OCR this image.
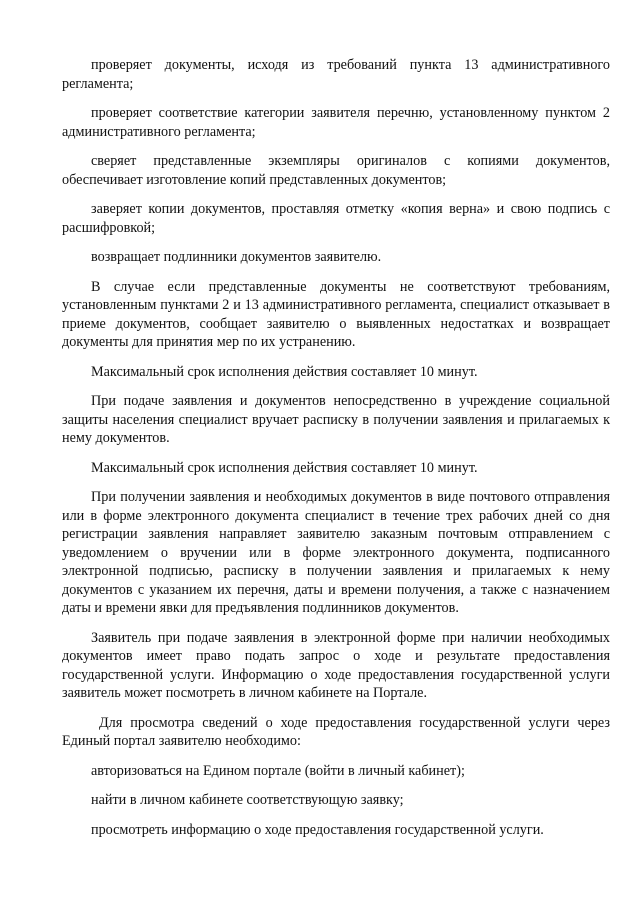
проверяет документы, исходя из требований пункта 13 административного регламента;

проверяет соответствие категории заявителя перечню, установленному пунктом 2 административного регламента;

сверяет представленные экземпляры оригиналов с копиями документов, обеспечивает изготовление копий представленных документов;

заверяет копии документов, проставляя отметку «копия верна» и свою подпись с расшифровкой;

возвращает подлинники документов заявителю.

В случае если представленные документы не соответствуют требованиям, установленным пунктами 2 и 13 административного регламента, специалист отказывает в приеме документов, сообщает заявителю о выявленных недостатках и возвращает документы для принятия мер по их устранению.

Максимальный срок исполнения действия составляет 10 минут.

При подаче заявления и документов непосредственно в учреждение социальной защиты населения специалист вручает расписку в получении заявления и прилагаемых к нему документов.

Максимальный срок исполнения действия составляет 10 минут.

При получении заявления и необходимых документов в виде почтового отправления или в форме электронного документа специалист в течение трех рабочих дней со дня регистрации заявления направляет заявителю заказным почтовым отправлением с уведомлением о вручении или в форме электронного документа, подписанного электронной подписью, расписку в получении заявления и прилагаемых к нему документов с указанием их перечня, даты и времени получения, а также с назначением даты и времени явки для предъявления подлинников документов.

Заявитель при подаче заявления в электронной форме при наличии необходимых документов имеет право подать запрос о ходе и результате предоставления государственной услуги. Информацию о ходе предоставления государственной услуги заявитель может посмотреть в личном кабинете на Портале.

Для просмотра сведений о ходе предоставления государственной услуги через Единый портал заявителю необходимо:

авторизоваться на Едином портале (войти в личный кабинет);

найти в личном кабинете соответствующую заявку;

просмотреть информацию о ходе предоставления государственной услуги.
